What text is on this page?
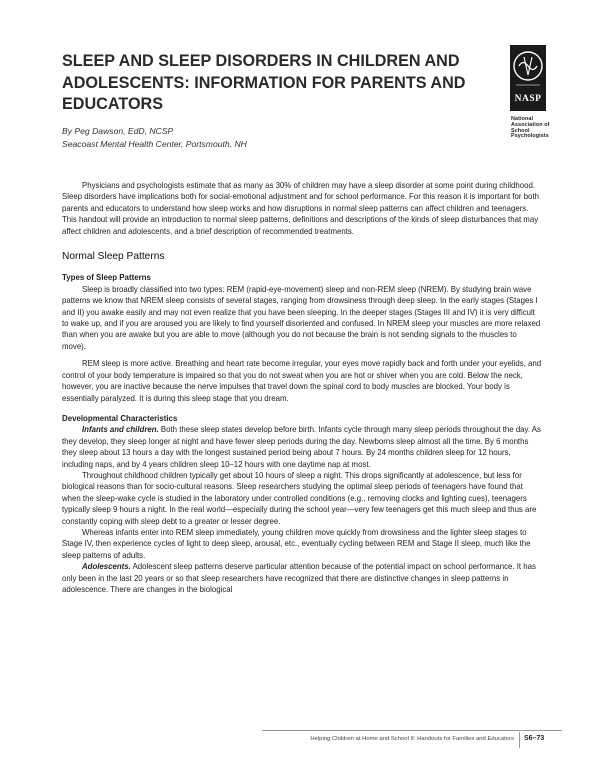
SLEEP AND SLEEP DISORDERS IN CHILDREN AND ADOLESCENTS: INFORMATION FOR PARENTS AND EDUCATORS
By Peg Dawson, EdD, NCSP
Seacoast Mental Health Center, Portsmouth, NH
NASP
National
Association of
School
Psychologists

Physicians and psychologists estimate that as many as 30% of children may have a sleep disorder at some point during childhood. Sleep disorders have implications both for social-emotional adjustment and for school performance. For this reason it is important for both parents and educators to understand how sleep works and how disruptions in normal sleep patterns can affect children and teenagers. This handout will provide an introduction to normal sleep patterns, definitions and descriptions of the kinds of sleep disturbances that may affect children and adolescents, and a brief description of recommended treatments.

Normal Sleep Patterns
Types of Sleep Patterns

Sleep is broadly classified into two types: REM (rapid-eye-movement) sleep and non-REM sleep (NREM). By studying brain wave patterns we know that NREM sleep consists of several stages, ranging from drowsiness through deep sleep. In the early stages (Stages I and II) you awake easily and may not even realize that you have been sleeping. In the deeper stages (Stages III and IV) it is very difficult to wake up, and if you are aroused you are likely to find yourself disoriented and confused. In NREM sleep your muscles are more relaxed than when you are awake but you are able to move (although you do not because the brain is not sending signals to the muscles to move).

REM sleep is more active. Breathing and heart rate become irregular, your eyes move rapidly back and forth under your eyelids, and control of your body temperature is impaired so that you do not sweat when you are hot or shiver when you are cold. Below the neck, however, you are inactive because the nerve impulses that travel down the spinal cord to body muscles are blocked. Your body is essentially paralyzed. It is during this sleep stage that you dream.

Developmental Characteristics

Infants and children. Both these sleep states develop before birth. Infants cycle through many sleep periods throughout the day. As they develop, they sleep longer at night and have fewer sleep periods during the day. Newborns sleep almost all the time. By 6 months they sleep about 13 hours a day with the longest sustained period being about 7 hours. By 24 months children sleep for 12 hours, including naps, and by 4 years children sleep 10–12 hours with one daytime nap at most.

Throughout childhood children typically get about 10 hours of sleep a night. This drops significantly at adolescence, but less for biological reasons than for socio-cultural reasons. Sleep researchers studying the optimal sleep periods of teenagers have found that when the sleep-wake cycle is studied in the laboratory under controlled conditions (e.g., removing clocks and lighting cues), teenagers typically sleep 9 hours a night. In the real world—especially during the school year—very few teenagers get this much sleep and thus are constantly coping with sleep debt to a greater or lesser degree.

Whereas infants enter into REM sleep immediately, young children move quickly from drowsiness and the lighter sleep stages to Stage IV, then experience cycles of light to deep sleep, arousal, etc., eventually cycling between REM and Stage II sleep, much like the sleep patterns of adults.

Adolescents. Adolescent sleep patterns deserve particular attention because of the potential impact on school performance. It has only been in the last 20 years or so that sleep researchers have recognized that there are distinctive changes in sleep patterns in adolescence. There are changes in the biological

Helping Children at Home and School II: Handouts for Families and Educators S6–73
